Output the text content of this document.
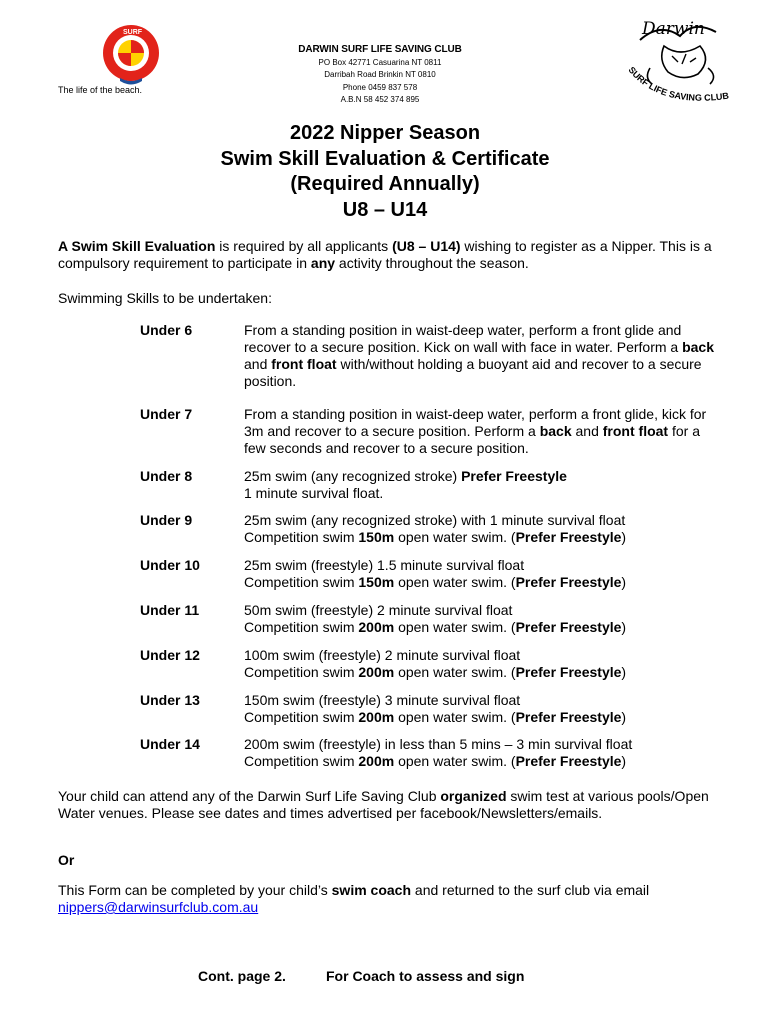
SURF
The life of the beach.
DARWIN SURF LIFE SAVING CLUB
PO Box 42771 Casuarina NT 0811
Darribah Road Brinkin NT 0810
Phone 0459 837 578
A.B.N 58 452 374 895
Darwin
SURF LIFE SAVING CLUB
2022 Nipper Season
Swim Skill Evaluation & Certificate
(Required Annually)
U8 – U14
A Swim Skill Evaluation is required by all applicants (U8 – U14) wishing to register as a Nipper. This is a compulsory requirement to participate in any activity throughout the season.
Swimming Skills to be undertaken:
Under 6	From a standing position in waist-deep water, perform a front glide and recover to a secure position. Kick on wall with face in water. Perform a back and front float with/without holding a buoyant aid and recover to a secure position.
Under 7	From a standing position in waist-deep water, perform a front glide, kick for 3m and recover to a secure position. Perform a back and front float for a few seconds and recover to a secure position.
Under 8	25m swim (any recognized stroke) Prefer Freestyle
1 minute survival float.
Under 9	25m swim (any recognized stroke) with 1 minute survival float
Competition swim 150m open water swim. (Prefer Freestyle)
Under 10	25m swim (freestyle) 1.5 minute survival float
Competition swim 150m open water swim. (Prefer Freestyle)
Under 11	50m swim (freestyle) 2 minute survival float
Competition swim 200m open water swim. (Prefer Freestyle)
Under 12	100m swim (freestyle) 2 minute survival float
Competition swim 200m open water swim. (Prefer Freestyle)
Under 13	150m swim (freestyle) 3 minute survival float
Competition swim 200m open water swim. (Prefer Freestyle)
Under 14	200m swim (freestyle) in less than 5 mins – 3 min survival float
Competition swim 200m open water swim. (Prefer Freestyle)
Your child can attend any of the Darwin Surf Life Saving Club organized swim test at various pools/Open Water venues. Please see dates and times advertised per facebook/Newsletters/emails.
Or
This Form can be completed by your child’s swim coach and returned to the surf club via email nippers@darwinsurfclub.com.au
Cont. page 2.	For Coach to assess and sign
